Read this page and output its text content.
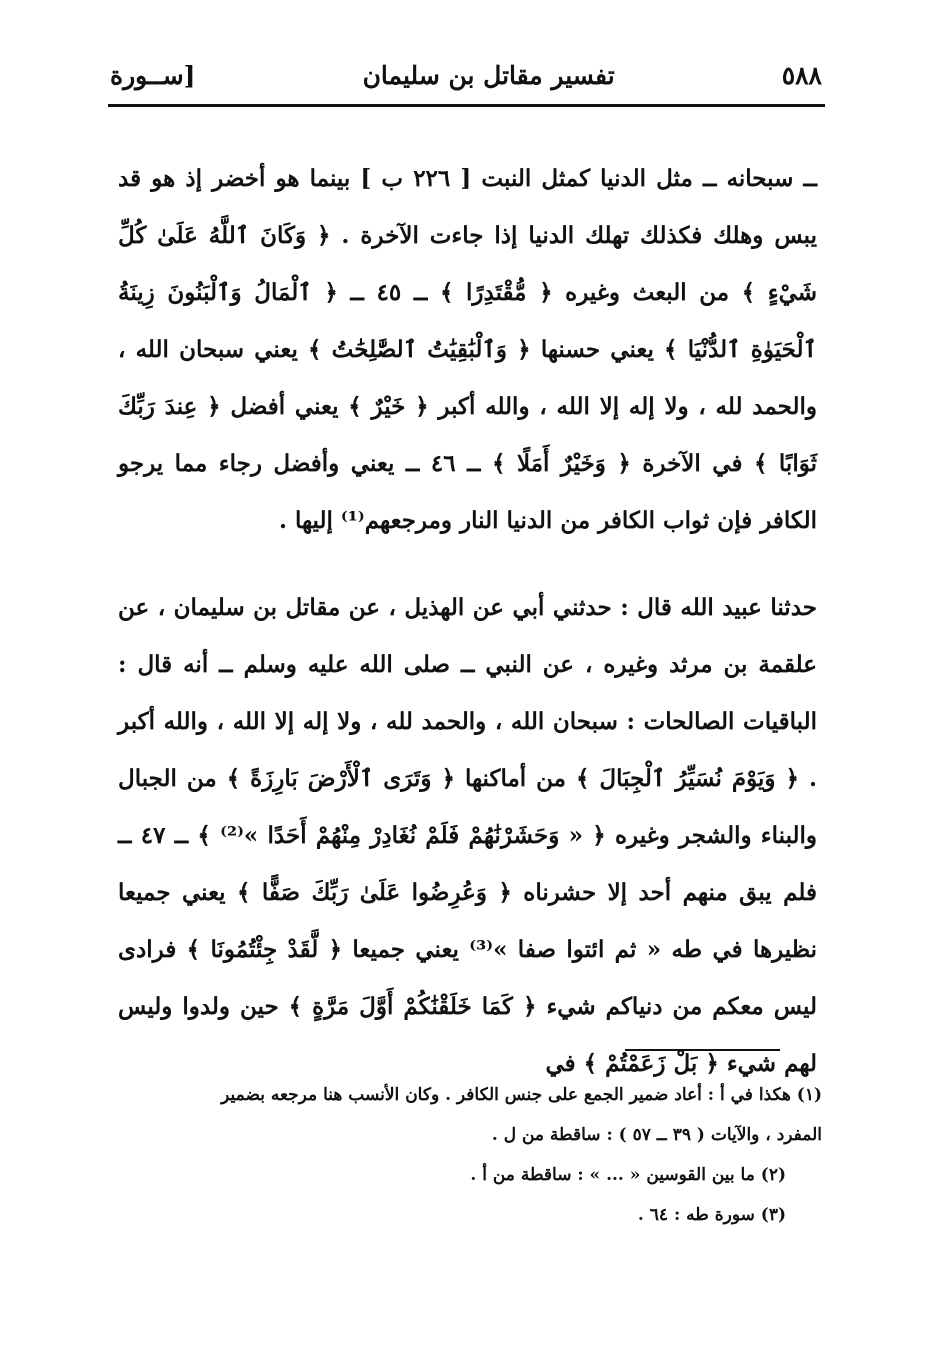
٥٨٨
تفسير مقاتل بن سليمان
[ســورة

ــ سبحانه ــ مثل الدنيا كمثل النبت [ ٢٢٦ ب ] بينما هو أخضر إذ هو قد يبس وهلك فكذلك تهلك الدنيا إذا جاءت الآخرة . ﴿ وَكَانَ ٱللَّهُ عَلَىٰ كُلِّ شَيْءٍ ﴾ من البعث وغيره ﴿ مُّقْتَدِرًا ﴾ ــ ٤٥ ــ ﴿ ٱلْمَالُ وَٱلْبَنُونَ زِينَةُ ٱلْحَيَوٰةِ ٱلدُّنْيَا ﴾ يعني حسنها ﴿ وَٱلْبَٰقِيَٰتُ ٱلصَّٰلِحَٰتُ ﴾ يعني سبحان الله ، والحمد لله ، ولا إله إلا الله ، والله أكبر ﴿ خَيْرٌ ﴾ يعني أفضل ﴿ عِندَ رَبِّكَ ثَوَابًا ﴾ في الآخرة ﴿ وَخَيْرٌ أَمَلًا ﴾ ــ ٤٦ ــ يعني وأفضل رجاء مما يرجو الكافر فإن ثواب الكافر من الدنيا النار ومرجعهم⁽¹⁾ إليها .

حدثنا عبيد الله قال : حدثني أبي عن الهذيل ، عن مقاتل بن سليمان ، عن علقمة بن مرثد وغيره ، عن النبي ــ صلى الله عليه وسلم ــ أنه قال : الباقيات الصالحات : سبحان الله ، والحمد لله ، ولا إله إلا الله ، والله أكبر . ﴿ وَيَوْمَ نُسَيِّرُ ٱلْجِبَالَ ﴾ من أماكنها ﴿ وَتَرَى ٱلْأَرْضَ بَارِزَةً ﴾ من الجبال والبناء والشجر وغيره ﴿ « وَحَشَرْنَٰهُمْ فَلَمْ نُغَادِرْ مِنْهُمْ أَحَدًا »⁽²⁾ ﴾ ــ ٤٧ ــ فلم يبق منهم أحد إلا حشرناه ﴿ وَعُرِضُوا عَلَىٰ رَبِّكَ صَفًّا ﴾ يعني جميعا نظيرها في طه « ثم ائتوا صفا »⁽³⁾ يعني جميعا ﴿ لَّقَدْ جِئْتُمُونَا ﴾ فرادى ليس معكم من دنياكم شيء ﴿ كَمَا خَلَقْنَٰكُمْ أَوَّلَ مَرَّةٍ ﴾ حين ولدوا وليس لهم شيء ﴿ بَلْ زَعَمْتُمْ ﴾ في

(١) هكذا في أ : أعاد ضمير الجمع على جنس الكافر . وكان الأنسب هنا مرجعه بضمير

المفرد ، والآيات ( ٣٩ ــ ٥٧ ) : ساقطة من ل .

(٢) ما بين القوسين « ... » : ساقطة من أ .

(٣) سورة طه : ٦٤ .
